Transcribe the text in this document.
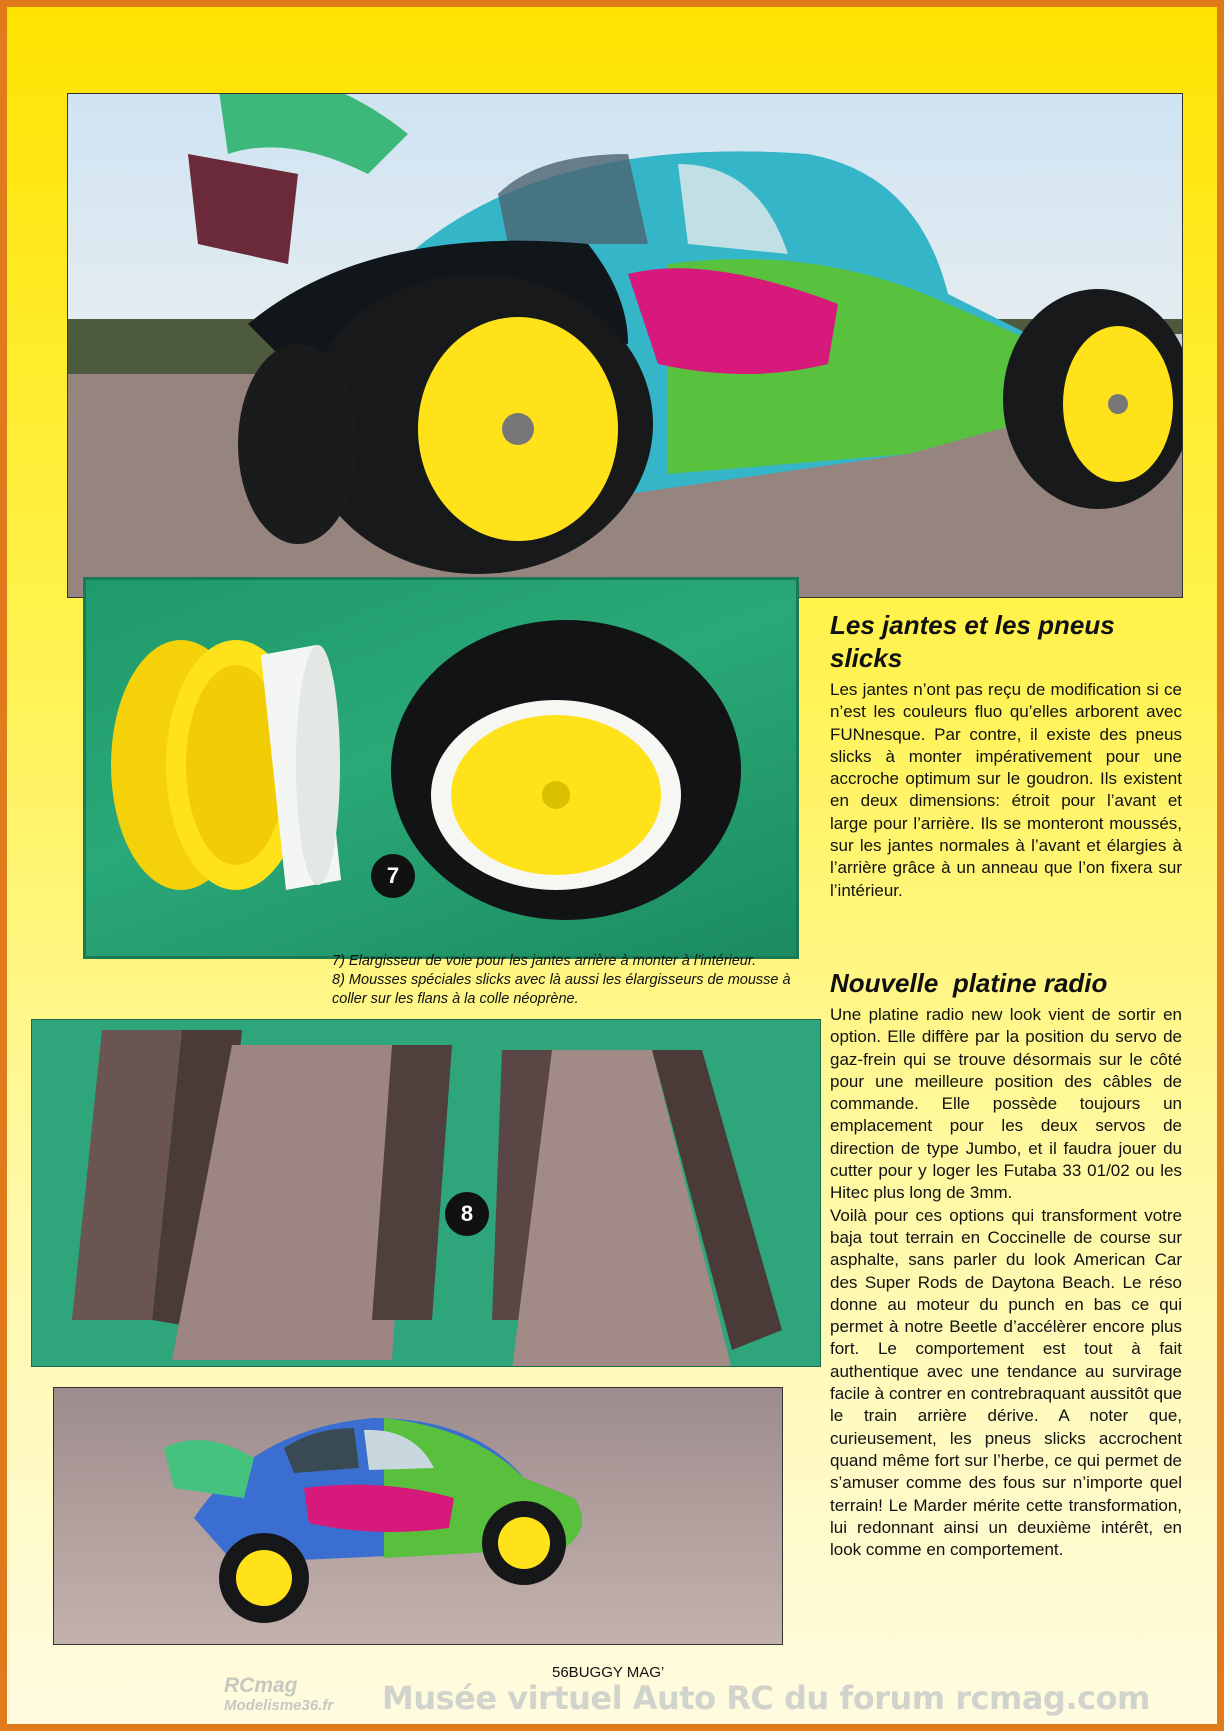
7

7) Elargisseur de voie pour les jantes arrière à monter à l’intérieur.

8) Mousses spéciales slicks avec là aussi les élargisseurs de mousse à coller sur les flans à la colle néoprène.

8
Les jantes et les pneus slicks
Les jantes n’ont pas reçu de modification si ce n’est les couleurs fluo qu’elles arborent avec FUNnesque. Par contre, il existe des pneus slicks à monter impérativement pour une accroche optimum sur le goudron. Ils existent en deux dimensions: étroit pour l’avant et large pour l’arrière. Ils se monteront moussés, sur les jantes normales à l’avant et élargies à l’arrière grâce à un anneau que l’on fixera sur l’intérieur.
Nouvelle  platine radio
Une platine radio new look vient de sortir en option. Elle diffère par la position du servo de gaz-frein qui se trouve désormais sur le côté pour une meilleure position des câbles de commande. Elle possède toujours un emplacement pour les deux servos de direction de type Jumbo, et il faudra jouer du cutter pour y loger les Futaba 33 01/02 ou les Hitec plus long de 3mm.
Voilà pour ces options qui transforment votre baja tout terrain en Coccinelle de course sur asphalte, sans parler du look American Car des Super Rods de Daytona Beach. Le réso donne au moteur du punch en bas ce qui permet à notre Beetle d’accélèrer encore plus fort. Le comportement est tout à fait authentique avec une tendance au survirage facile à contrer en contrebraquant aussitôt que le train arrière dérive. A noter que, curieusement, les pneus slicks accrochent quand même fort sur l’herbe, ce qui permet de s’amuser comme des fous sur n’importe quel terrain! Le Marder mérite cette transformation, lui redonnant ainsi un deuxième intérêt, en look comme en comportement.
56BUGGY MAG’
RCmag
Modelisme36.fr Musée virtuel Auto RC du forum rcmag.com
